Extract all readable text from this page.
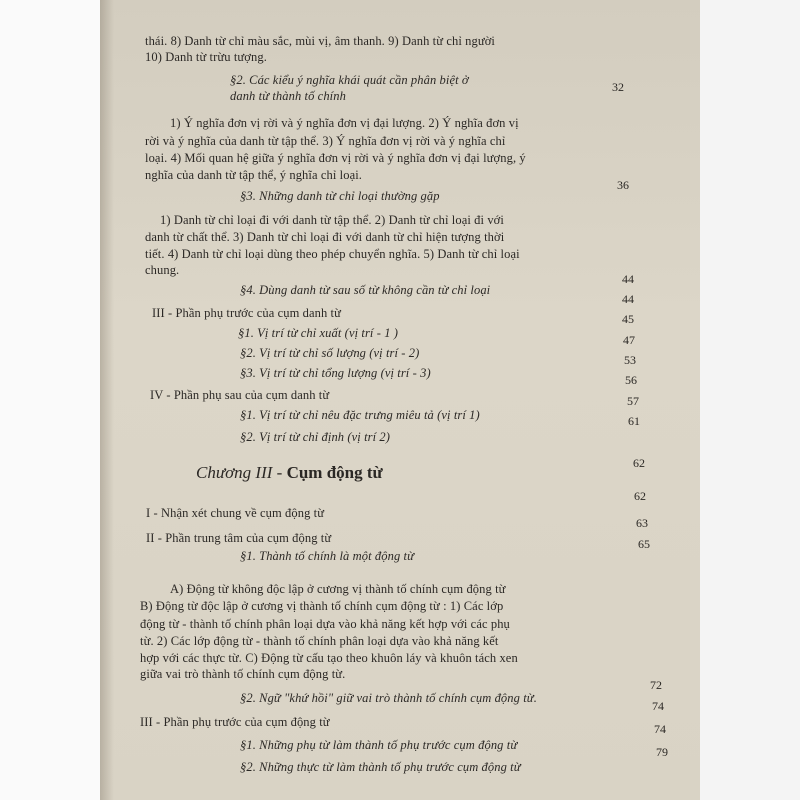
thái. 8) Danh từ chỉ màu sắc, mùi vị, âm thanh. 9) Danh từ chỉ người
10) Danh từ trừu tượng.
§2. Các kiểu ý nghĩa khái quát cần phân biệt ở
danh từ thành tố chính
32
1) Ý nghĩa đơn vị rời và ý nghĩa đơn vị đại lượng. 2) Ý nghĩa đơn vị
rời và ý nghĩa của danh từ tập thể. 3) Ý nghĩa đơn vị rời và ý nghĩa chỉ
loại. 4) Mối quan hệ giữa ý nghĩa đơn vị rời và ý nghĩa đơn vị đại lượng, ý
nghĩa của danh từ tập thể, ý nghĩa chỉ loại.
§3. Những danh từ chỉ loại thường gặp
36
1) Danh từ chỉ loại đi với danh từ tập thể. 2) Danh từ chỉ loại đi với
danh từ chất thể. 3) Danh từ chỉ loại đi với danh từ chỉ hiện tượng thời
tiết. 4) Danh từ chỉ loại dùng theo phép chuyển nghĩa. 5) Danh từ chỉ loại
chung.
§4. Dùng danh từ sau số từ không cần từ chỉ loại
44
III - Phần phụ trước của cụm danh từ
44
§1. Vị trí từ chỉ xuất (vị trí - 1 )
45
§2. Vị trí từ chỉ số lượng (vị trí - 2)
47
§3. Vị trí từ chỉ tổng lượng (vị trí - 3)
53
IV - Phần phụ sau của cụm danh từ
56
§1. Vị trí từ chỉ nêu đặc trưng miêu tả (vị trí 1)
57
§2. Vị trí từ chỉ định (vị trí 2)
61
Chương III - Cụm động từ	62
I - Nhận xét chung về cụm động từ
62
II - Phần trung tâm của cụm động từ
63
§1. Thành tố chính là một động từ
65
A) Động từ không độc lập ở cương vị thành tố chính cụm động từ
B) Động từ độc lập ở cương vị thành tố chính cụm động từ : 1) Các lớp
động từ - thành tố chính phân loại dựa vào khả năng kết hợp với các phụ
từ. 2) Các lớp động từ - thành tố chính phân loại dựa vào khả năng kết
hợp với các thực từ. C) Động từ cấu tạo theo khuôn láy và khuôn tách xen
giữa vai trò thành tố chính cụm động từ.
§2. Ngữ "khứ hồi" giữ vai trò thành tố chính cụm động từ.
72
III - Phần phụ trước của cụm động từ
74
§1. Những phụ từ làm thành tố phụ trước cụm động từ
74
§2. Những thực từ làm thành tố phụ trước cụm động từ
79
